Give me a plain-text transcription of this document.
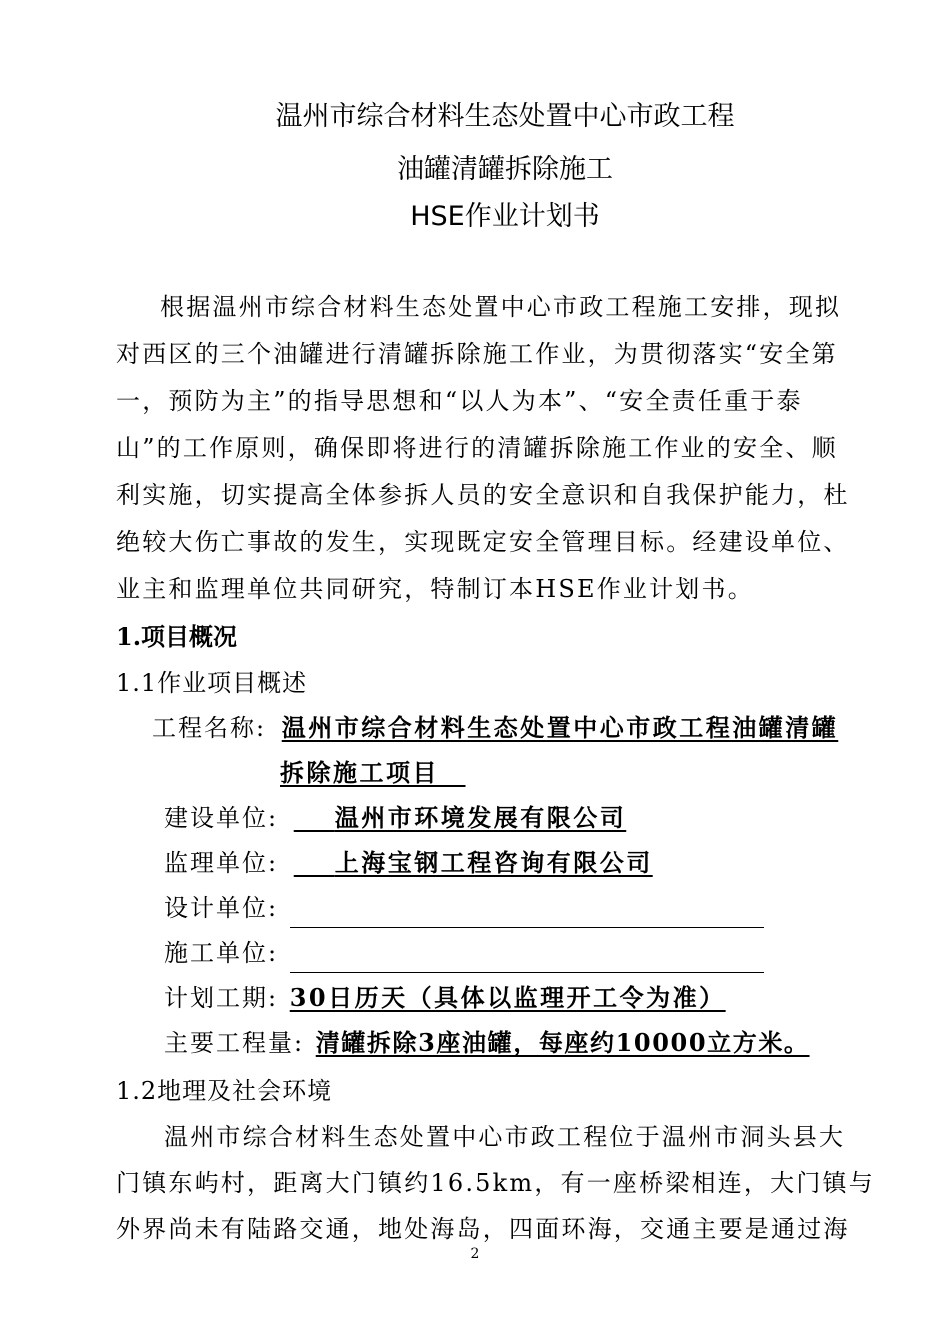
温州市综合材料生态处置中心市政工程
油罐清罐拆除施工
HSE作业计划书
根据温州市综合材料生态处置中心市政工程施工安排，现拟
对西区的三个油罐进行清罐拆除施工作业，为贯彻落实“安全第
一，预防为主”的指导思想和“以人为本”、“安全责任重于泰
山”的工作原则，确保即将进行的清罐拆除施工作业的安全、顺
利实施，切实提高全体参拆人员的安全意识和自我保护能力，杜
绝较大伤亡事故的发生，实现既定安全管理目标。经建设单位、
业主和监理单位共同研究，特制订本HSE作业计划书。
1.项目概况
1.1作业项目概述
工程名称: 温州市综合材料生态处置中心市政工程油罐清罐
拆除施工项目 
建设单位:    温州市环境发展有限公司
监理单位:    上海宝钢工程咨询有限公司
设计单位:
施工单位:
计划工期: 30日历天（具体以监理开工令为准）
主要工程量: 清罐拆除3座油罐，每座约10000立方米。
1.2地理及社会环境
温州市综合材料生态处置中心市政工程位于温州市洞头县大
门镇东屿村，距离大门镇约16.5km，有一座桥梁相连，大门镇与
外界尚未有陆路交通，地处海岛，四面环海，交通主要是通过海
2
